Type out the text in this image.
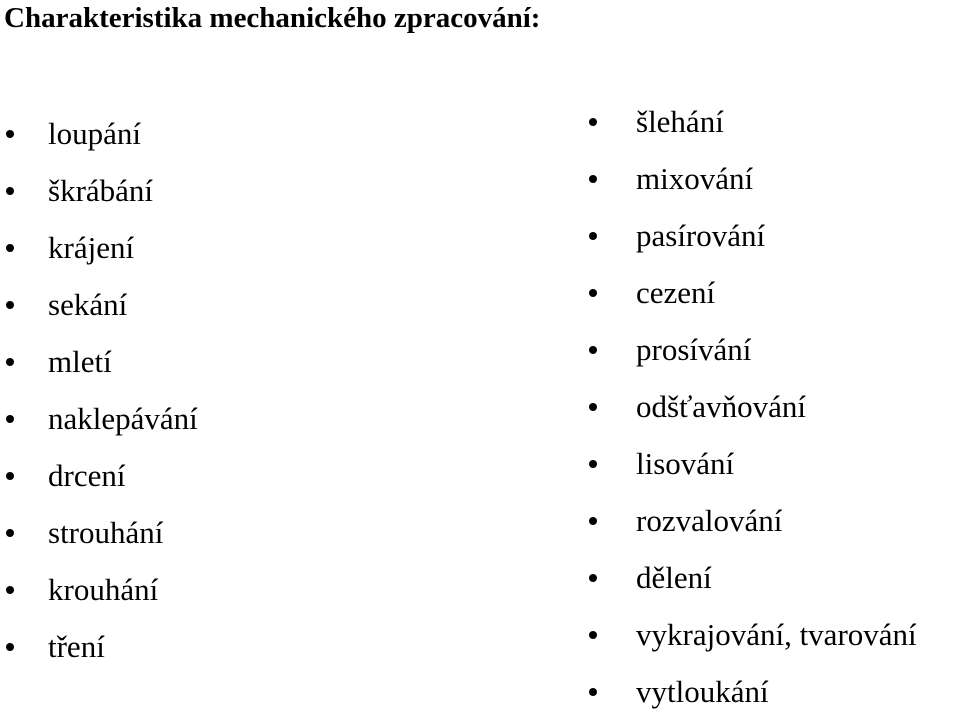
Charakteristika mechanického zpracování:
loupání
škrábání
krájení
sekání
mletí
naklepávání
drcení
strouhání
krouhání
tření
šlehání
mixování
pasírování
cezení
prosívání
odšťavňování
lisování
rozvalování
dělení
vykrajování, tvarování
vytloukání
